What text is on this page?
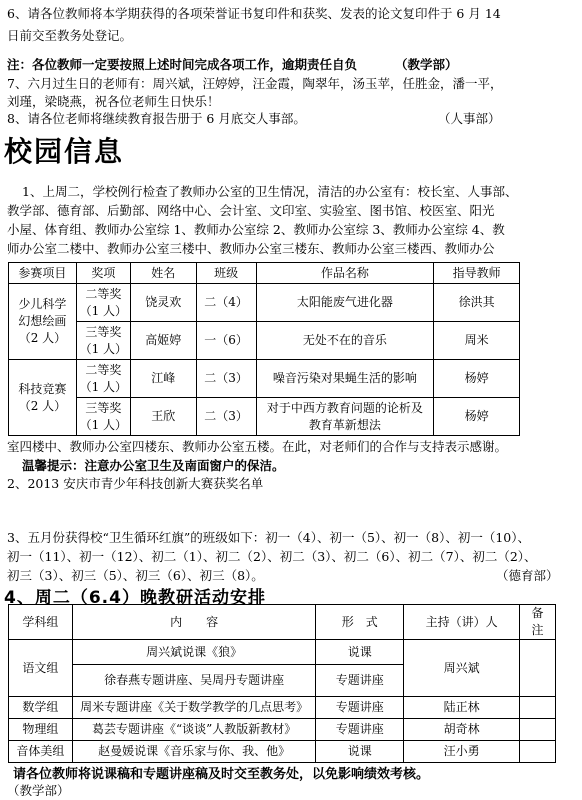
6、请各位教师将本学期获得的各项荣誉证书复印件和获奖、发表的论文复印件于 6 月 14
日前交至教务处登记。
注：各位教师一定要按照上述时间完成各项工作，逾期责任自负	（教学部）
7、六月过生日的老师有：周兴斌，汪婷婷，汪金霞，陶翠年，汤玉苹，任胜金，潘一平，
刘瑾，梁晓燕，祝各位老师生日快乐！
8、请各位老师将继续教育报告册于 6 月底交人事部。	（人事部）
校园信息
1、上周二，学校例行检查了教师办公室的卫生情况，清洁的办公室有：校长室、人事部、
教学部、德育部、后勤部、网络中心、会计室、文印室、实验室、图书馆、校医室、阳光
小屋、体育组、教师办公室综 1、教师办公室综 2、教师办公室综 3、教师办公室综 4、教
师办公室二楼中、教师办公室三楼中、教师办公室三楼东、教师办公室三楼西、教师办公
参赛项目	奖项	姓名	班级	作品名称	指导教师

少儿科学
幻想绘画
（2 人）	二等奖
（1 人）	饶灵欢	二（4）	太阳能废气进化器	徐洪其

	三等奖
（1 人）	高姬婷	一（6）	无处不在的音乐	周米

科技竞赛
（2 人）	二等奖
（1 人）	江峰	二（3）	噪音污染对果蝇生活的影响	杨婷

	三等奖
（1 人）	王欣	二（3）	对于中西方教育问题的论析及
教育革新想法	杨婷
室四楼中、教师办公室四楼东、教师办公室五楼。在此，对老师们的合作与支持表示感谢。
温馨提示：注意办公室卫生及南面窗户的保洁。
2、2013 安庆市青少年科技创新大赛获奖名单
3、五月份获得校“卫生循环红旗”的班级如下：初一（4）、初一（5）、初一（8）、初一（10）、
初一（11）、初一（12）、初二（1）、初二（2）、初二（3）、初二（6）、初二（7）、初二（2）、
初三（3）、初三（5）、初三（6）、初三（8）。	（德育部）
4、周二（6.4）晚教研活动安排
学科组	内　　容	形　式	主持（讲）人	备
注

语文组	周兴斌说课《狼》	说课	周兴斌	
	徐春燕专题讲座、吴周丹专题讲座	专题讲座		
数学组	周米专题讲座《关于数学教学的几点思考》	专题讲座	陆正林	
物理组	葛芸专题讲座《“谈谈”人教版新教材》	专题讲座	胡奇林	
音体美组	赵曼媛说课《音乐家与你、我、他》	说课	汪小勇	
请各位教师将说课稿和专题讲座稿及时交至教务处，以免影响绩效考核。
（教学部）
